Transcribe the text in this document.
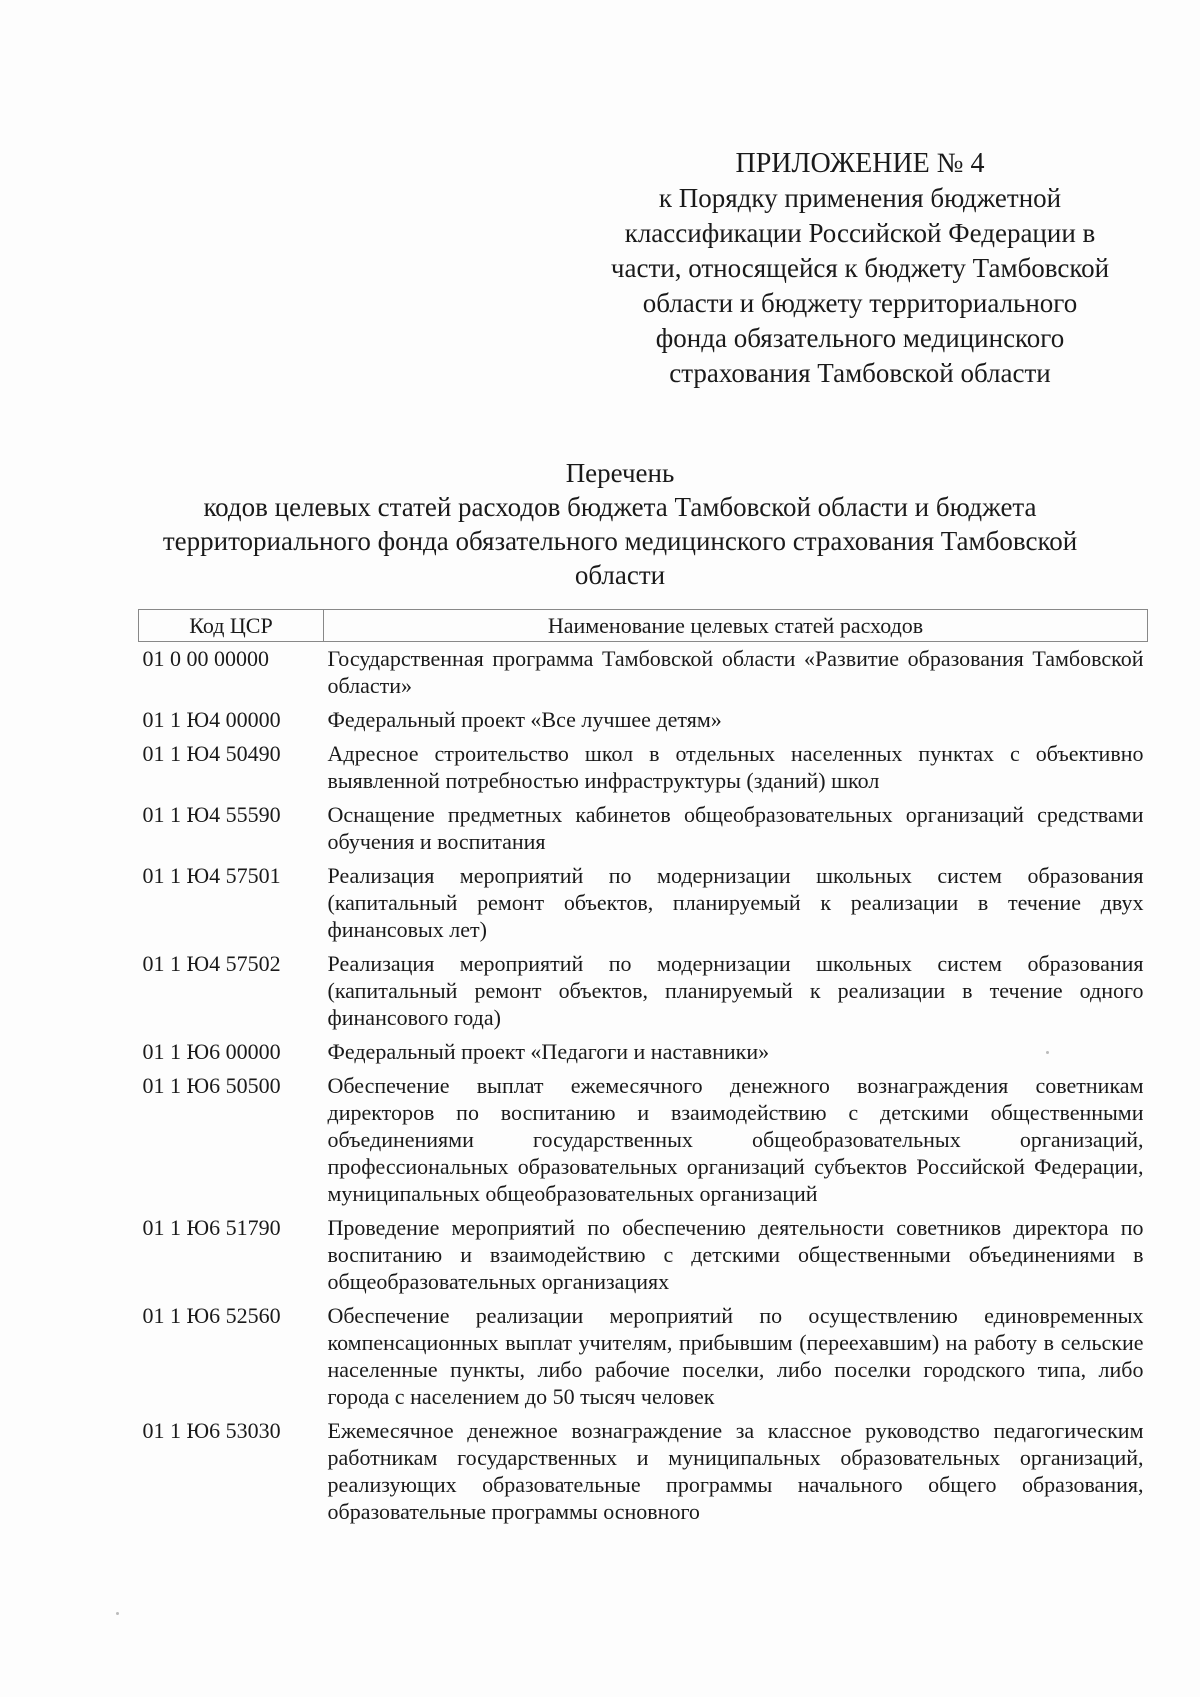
ПРИЛОЖЕНИЕ № 4
к Порядку применения бюджетной классификации Российской Федерации в части, относящейся к бюджету Тамбовской области и бюджету территориального фонда обязательного медицинского страхования Тамбовской области
Перечень
кодов целевых статей расходов бюджета Тамбовской области и бюджета территориального фонда обязательного медицинского страхования Тамбовской области
Код ЦСР	Наименование целевых статей расходов
01 0 00 00000	Государственная программа Тамбовской области «Развитие образования Тамбовской области»
01 1 Ю4 00000	Федеральный проект «Все лучшее детям»
01 1 Ю4 50490	Адресное строительство школ в отдельных населенных пунктах с объективно выявленной потребностью инфраструктуры (зданий) школ
01 1 Ю4 55590	Оснащение предметных кабинетов общеобразовательных организаций средствами обучения и воспитания
01 1 Ю4 57501	Реализация мероприятий по модернизации школьных систем образования (капитальный ремонт объектов, планируемый к реализации в течение двух финансовых лет)
01 1 Ю4 57502	Реализация мероприятий по модернизации школьных систем образования (капитальный ремонт объектов, планируемый к реализации в течение одного финансового года)
01 1 Ю6 00000	Федеральный проект «Педагоги и наставники»
01 1 Ю6 50500	Обеспечение выплат ежемесячного денежного вознаграждения советникам директоров по воспитанию и взаимодействию с детскими общественными объединениями государственных общеобразовательных организаций, профессиональных образовательных организаций субъектов Российской Федерации, муниципальных общеобразовательных организаций
01 1 Ю6 51790	Проведение мероприятий по обеспечению деятельности советников директора по воспитанию и взаимодействию с детскими общественными объединениями в общеобразовательных организациях
01 1 Ю6 52560	Обеспечение реализации мероприятий по осуществлению единовременных компенсационных выплат учителям, прибывшим (переехавшим) на работу в сельские населенные пункты, либо рабочие поселки, либо поселки городского типа, либо города с населением до 50 тысяч человек
01 1 Ю6 53030	Ежемесячное денежное вознаграждение за классное руководство педагогическим работникам государственных и муниципальных образовательных организаций, реализующих образовательные программы начального общего образования, образовательные программы основного
